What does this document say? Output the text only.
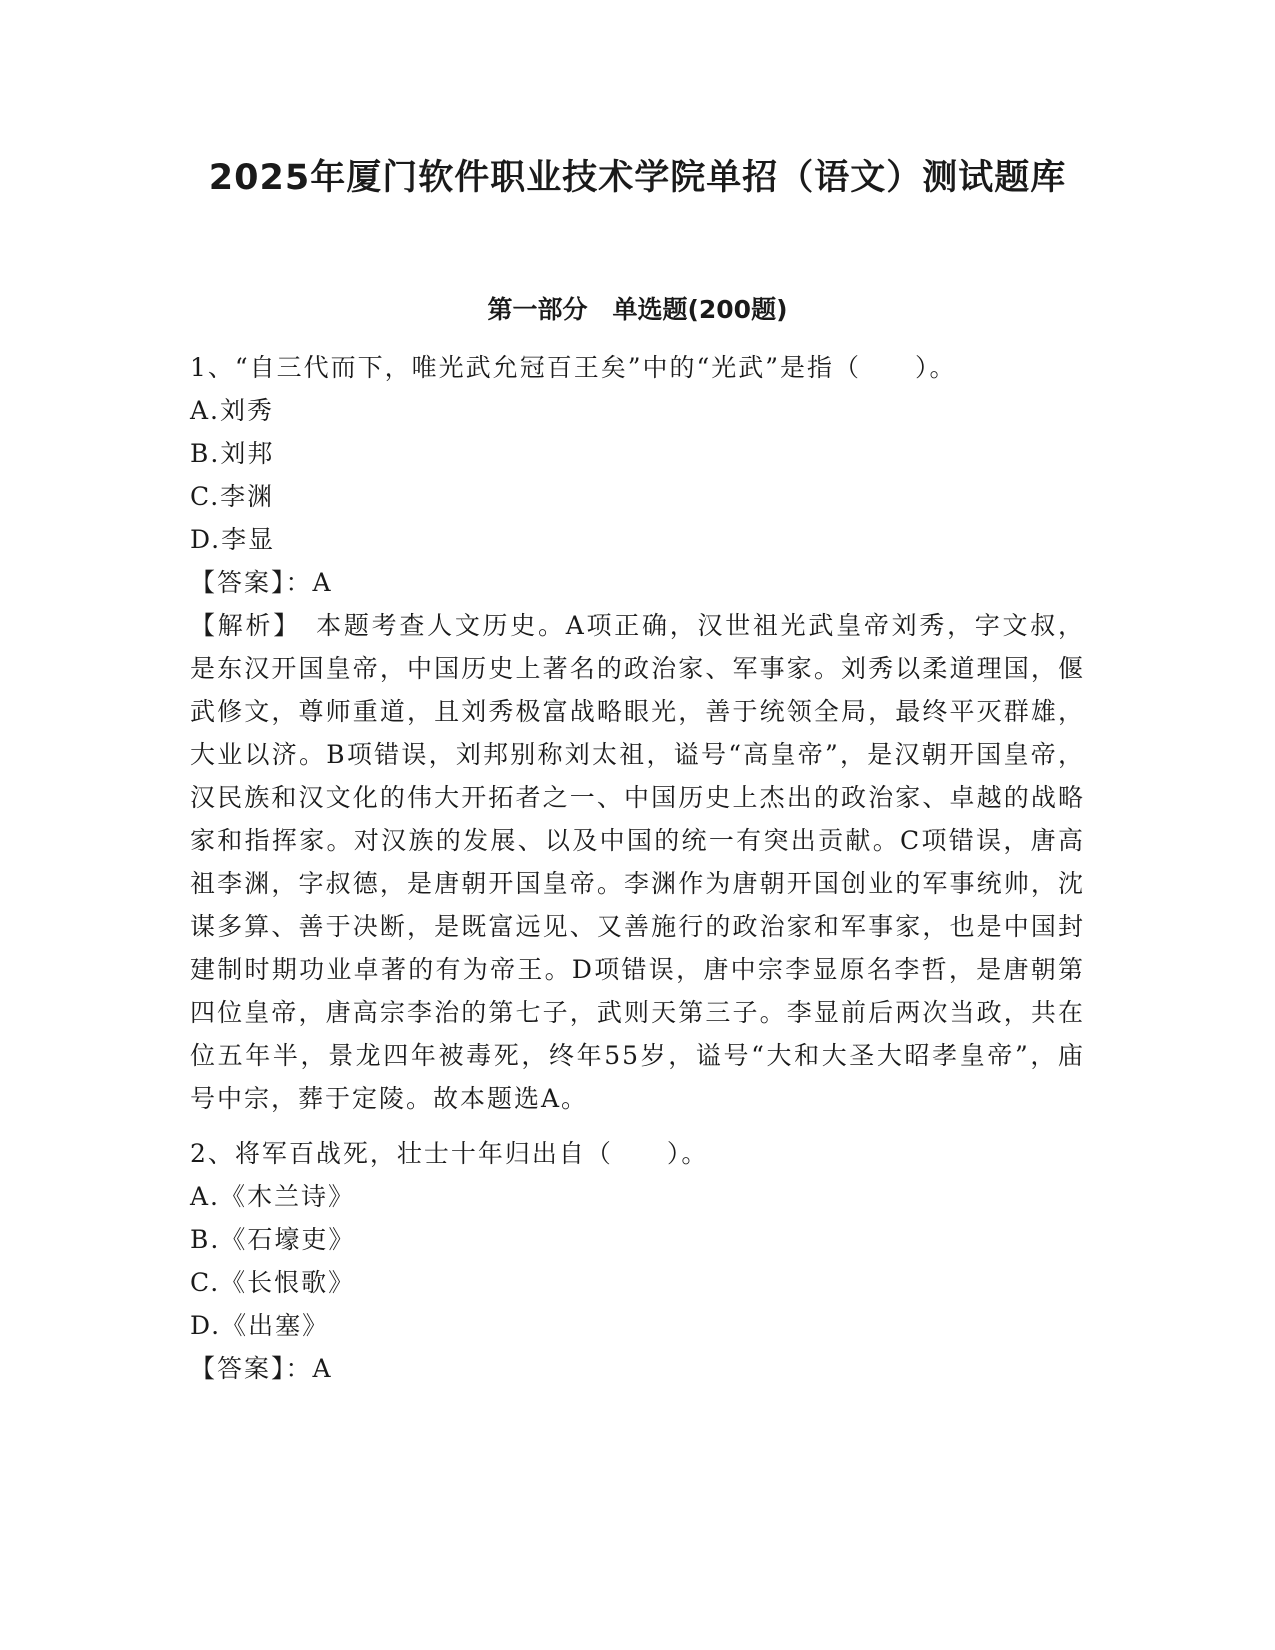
2025年厦门软件职业技术学院单招（语文）测试题库
第一部分　单选题(200题)

1、“自三代而下，唯光武允冠百王矣”中的“光武”是指（　　）。

A.刘秀

B.刘邦

C.李渊

D.李显

【答案】：A

【解析】　本题考查人文历史。A项正确，汉世祖光武皇帝刘秀，字文叔，是东汉开国皇帝，中国历史上著名的政治家、军事家。刘秀以柔道理国，偃武修文，尊师重道，且刘秀极富战略眼光，善于统领全局，最终平灭群雄，大业以济。B项错误，刘邦别称刘太祖，谥号“高皇帝”，是汉朝开国皇帝，汉民族和汉文化的伟大开拓者之一、中国历史上杰出的政治家、卓越的战略家和指挥家。对汉族的发展、以及中国的统一有突出贡献。C项错误，唐高祖李渊，字叔德，是唐朝开国皇帝。李渊作为唐朝开国创业的军事统帅，沈谋多算、善于决断，是既富远见、又善施行的政治家和军事家，也是中国封建制时期功业卓著的有为帝王。D项错误，唐中宗李显原名李哲，是唐朝第四位皇帝，唐高宗李治的第七子，武则天第三子。李显前后两次当政，共在位五年半，景龙四年被毒死，终年55岁，谥号“大和大圣大昭孝皇帝”，庙号中宗，葬于定陵。故本题选A。

2、将军百战死，壮士十年归出自（　　）。

A.《木兰诗》

B.《石壕吏》

C.《长恨歌》

D.《出塞》

【答案】：A
